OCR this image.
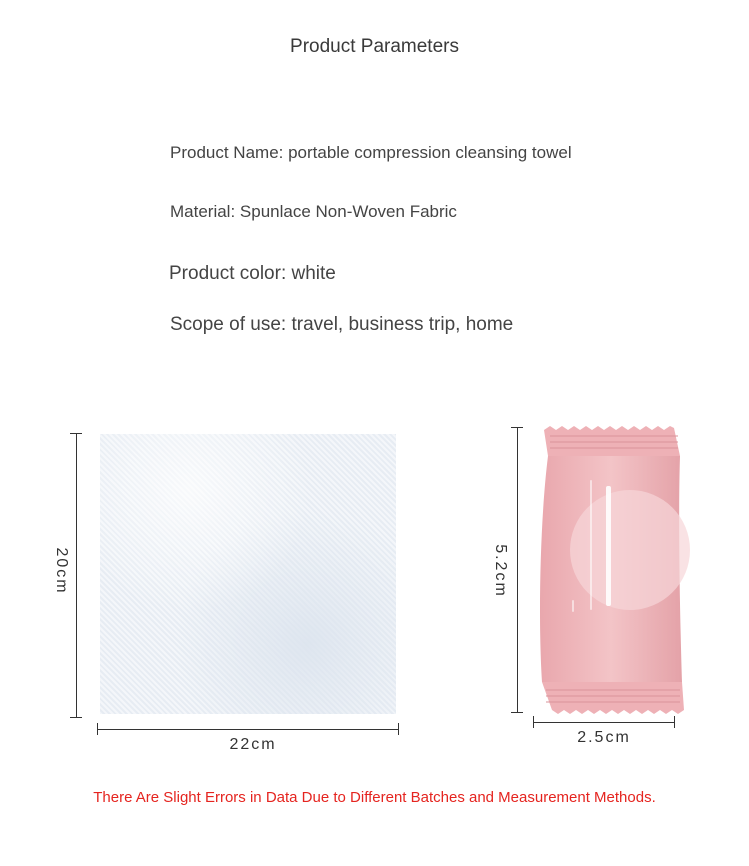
Product Parameters
Product Name: portable compression cleansing towel
Material: Spunlace Non-Woven Fabric
Product color: white
Scope of use: travel, business trip, home
20cm
22cm
5.2cm
2.5cm
There Are Slight Errors in Data Due to Different Batches and Measurement Methods.
